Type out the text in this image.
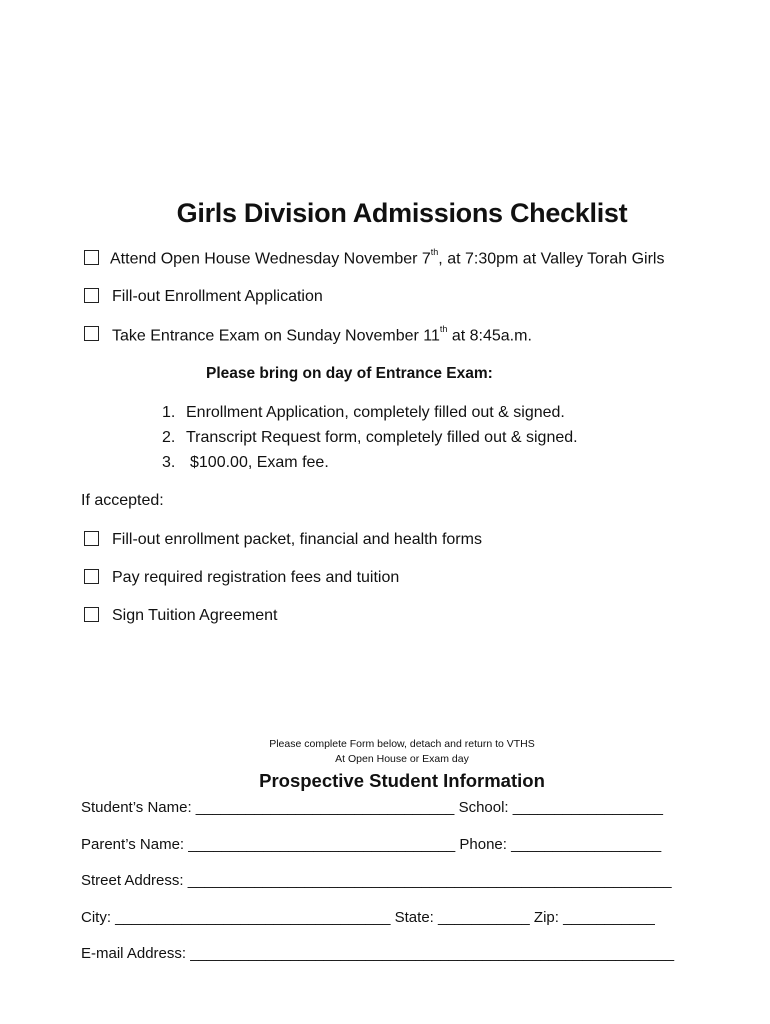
Girls Division Admissions Checklist
Attend Open House Wednesday November 7th, at 7:30pm at Valley Torah Girls
Fill-out Enrollment Application
Take Entrance Exam on Sunday November 11th at 8:45a.m.
Please bring on day of Entrance Exam:
1. Enrollment Application, completely filled out & signed.
2. Transcript Request form, completely filled out & signed.
3. $100.00, Exam fee.
If accepted:
Fill-out enrollment packet, financial and health forms
Pay required registration fees and tuition
Sign Tuition Agreement
Please complete Form below, detach and return to VTHS
At Open House or Exam day
Prospective Student Information
Student’s Name: _______________________________ School: __________________
Parent’s Name: ________________________________ Phone: __________________
Street Address: __________________________________________________________
City: _________________________________ State: ___________ Zip: ___________
E-mail Address: __________________________________________________________
